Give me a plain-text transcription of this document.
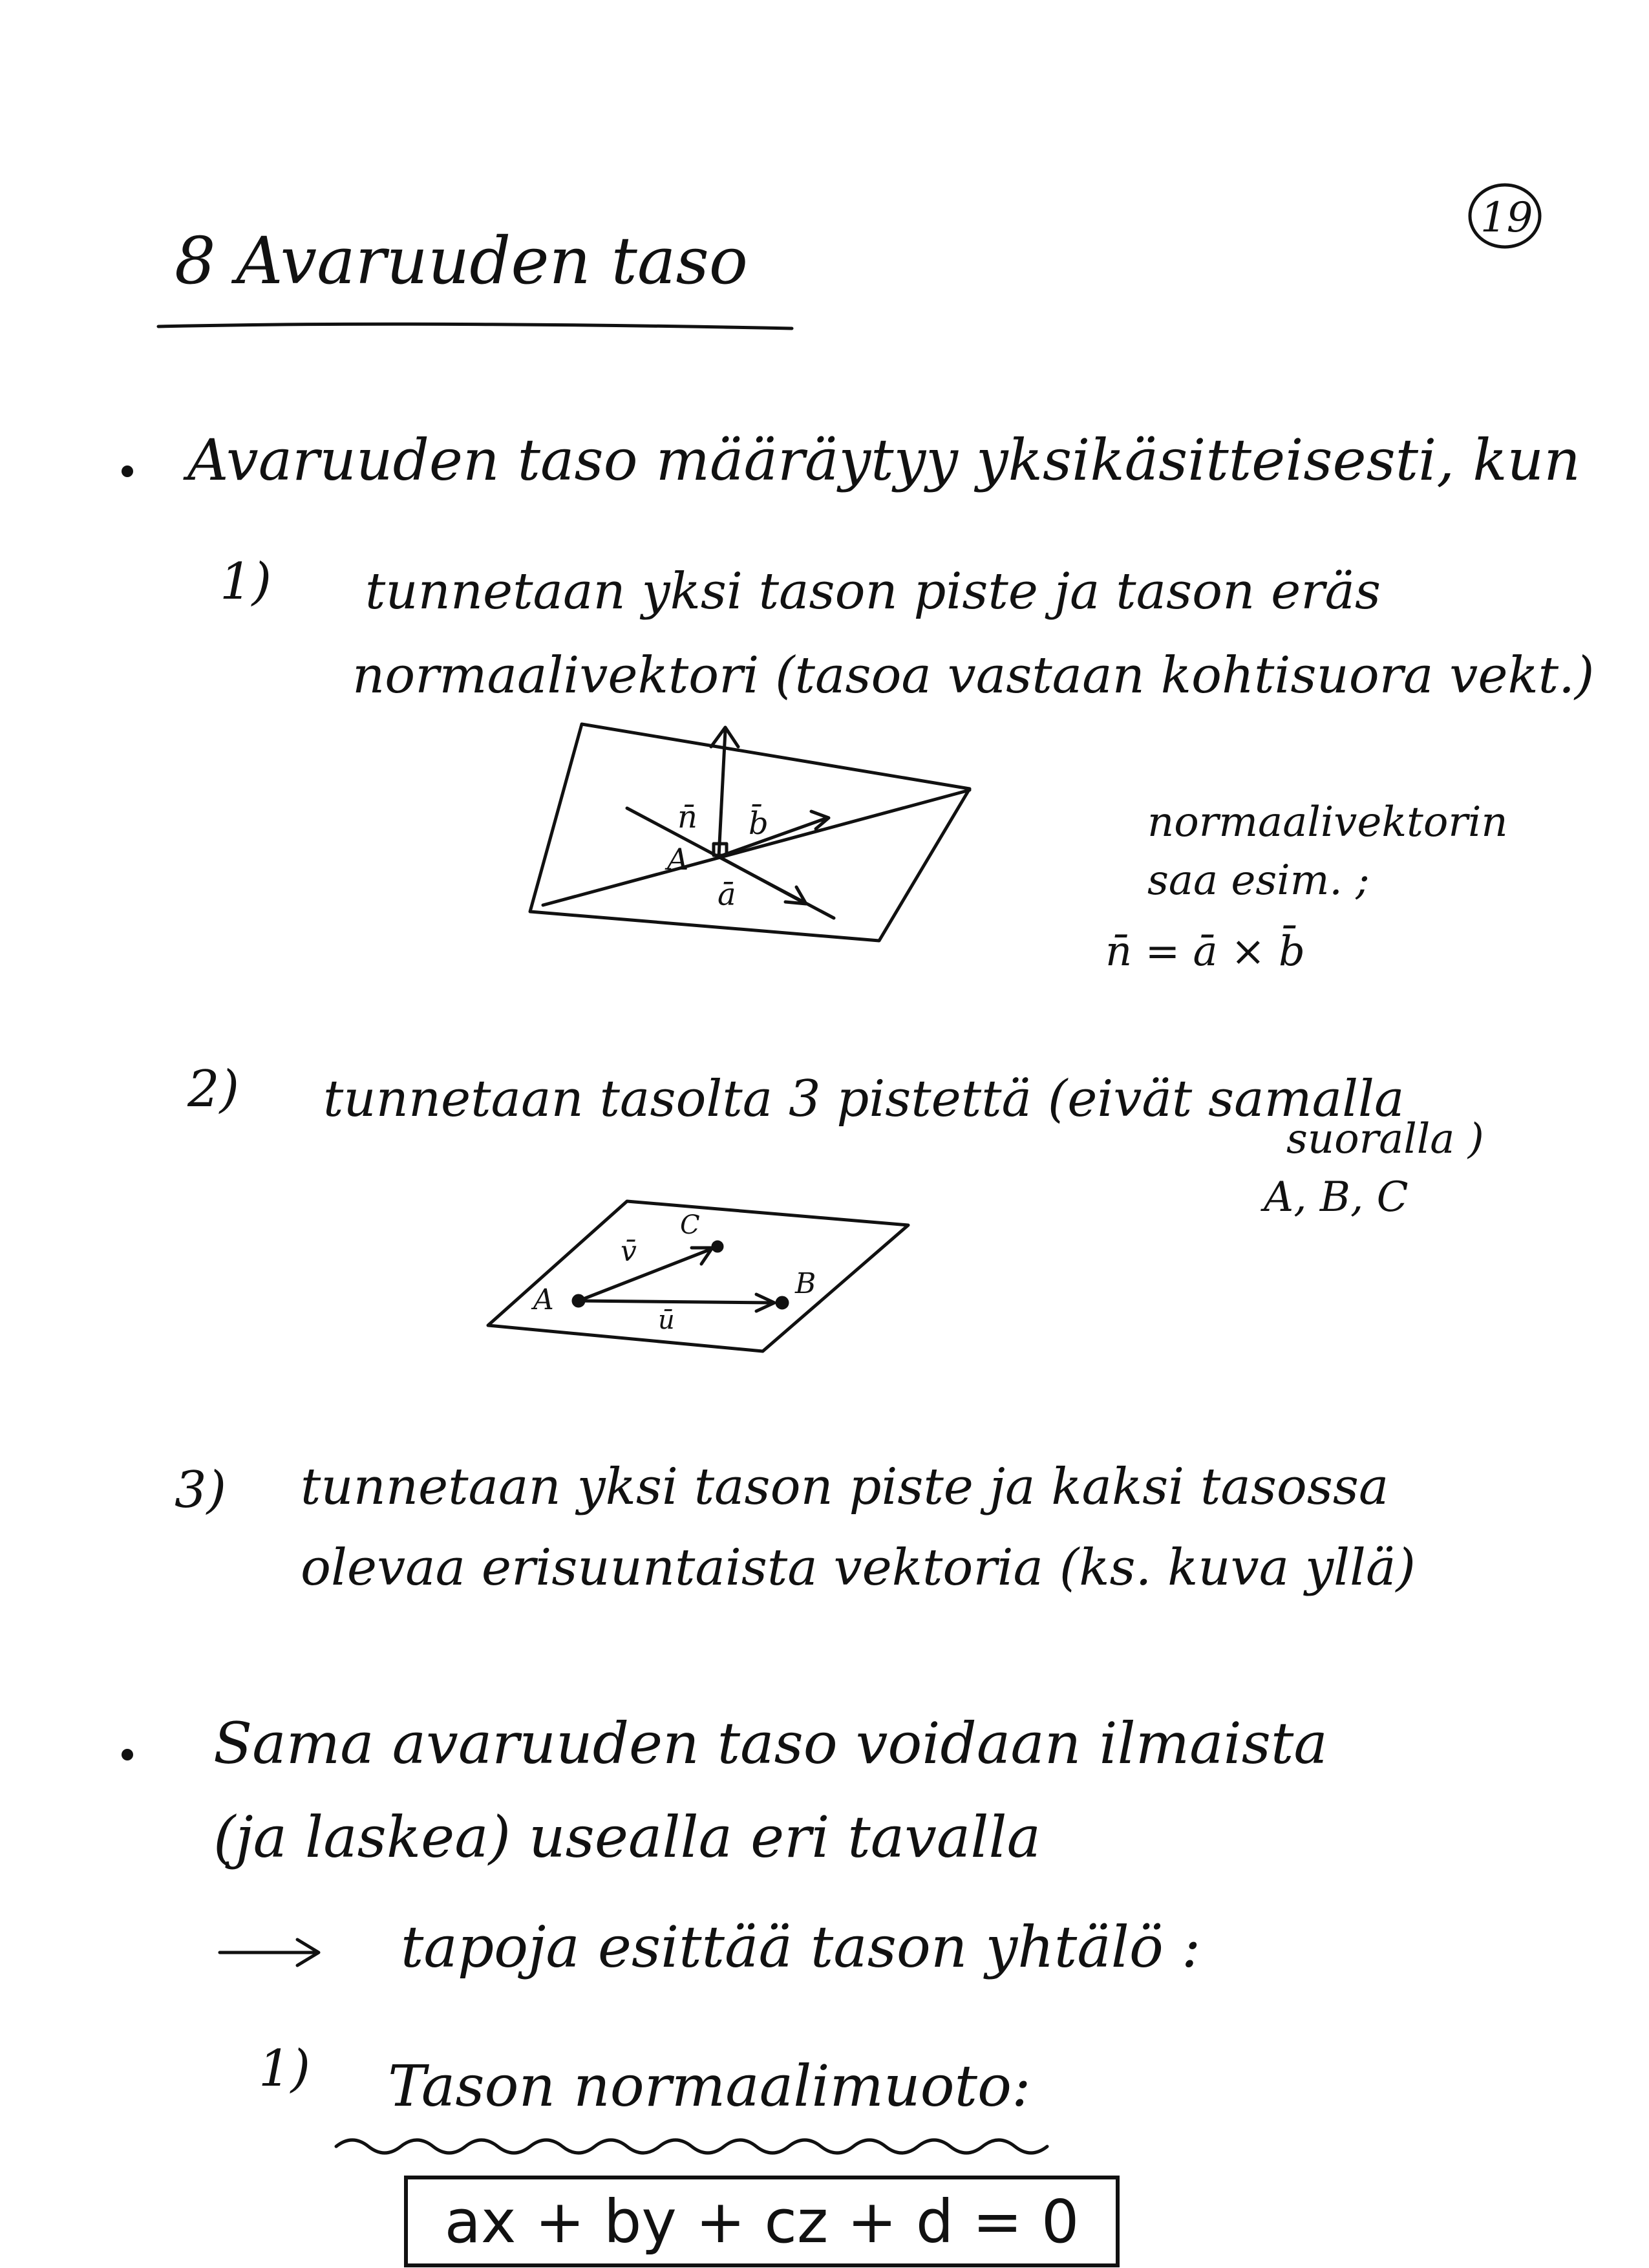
19
8 Avaruuden taso
Avaruuden taso määräytyy yksikäsitteisesti, kun
1) tunnetaan yksi tason piste ja tason eräs
normaalivektori (tasoa vastaan kohtisuora vekt.)
n̄ b̄
A
ā
normaalivektorin
saa esim. ;
n̄ = ā × b̄
2) tunnetaan tasolta 3 pistettä (eivät samalla
suoralla )
A, B, C
A	B
C
v̄
ū
3) tunnetaan yksi tason piste ja kaksi tasossa
olevaa erisuuntaista vektoria (ks. kuva yllä)
Sama avaruuden taso voidaan ilmaista
(ja laskea) usealla eri tavalla
tapoja esittää tason yhtälö :
1) Tason normaalimuoto:
ax + by + cz + d = 0
